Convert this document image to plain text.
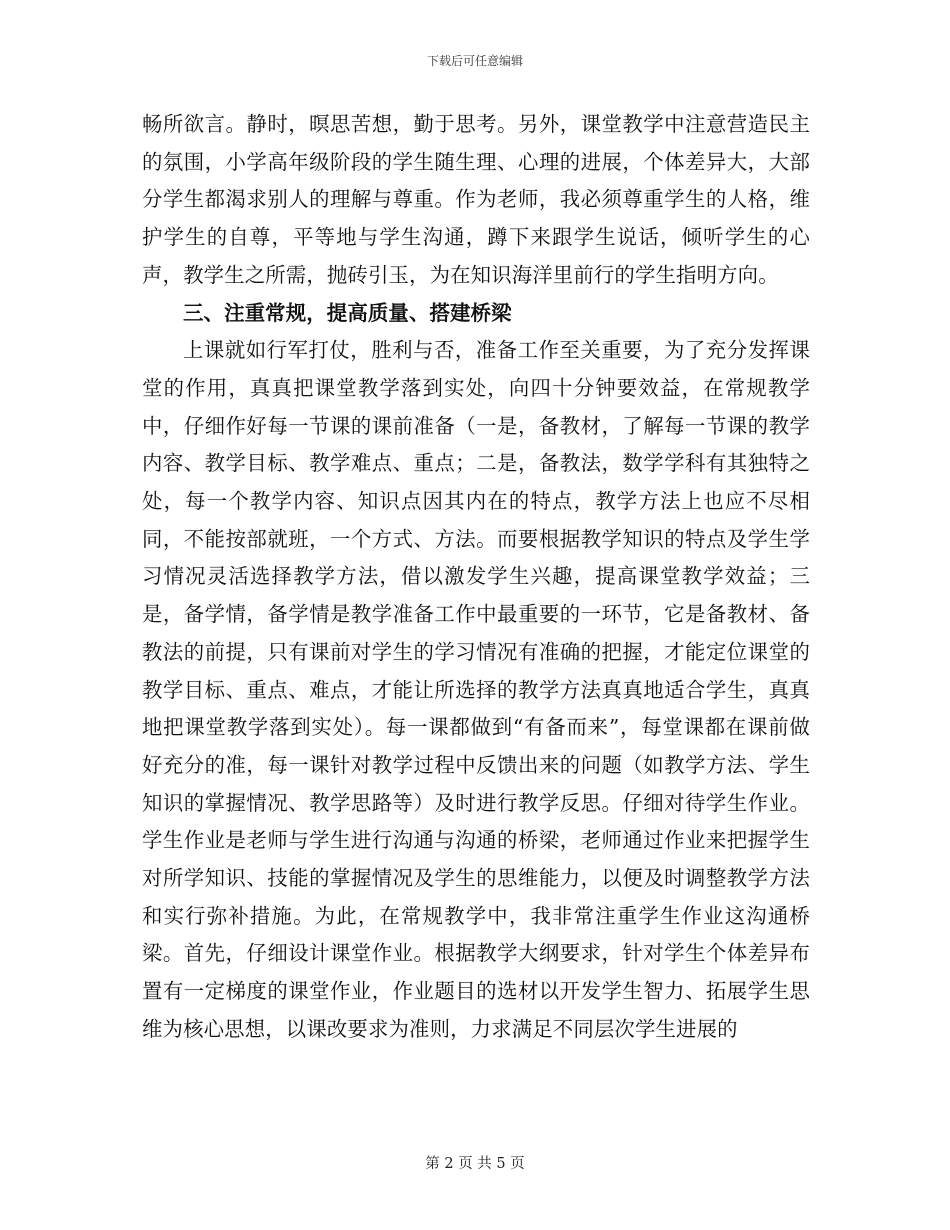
下载后可任意编辑

畅所欲言。静时，暝思苦想，勤于思考。另外，课堂教学中注意营造民主的氛围，小学高年级阶段的学生随生理、心理的进展，个体差异大，大部分学生都渴求别人的理解与尊重。作为老师，我必须尊重学生的人格，维护学生的自尊，平等地与学生沟通，蹲下来跟学生说话，倾听学生的心声，教学生之所需，抛砖引玉，为在知识海洋里前行的学生指明方向。

三、注重常规，提高质量、搭建桥梁

上课就如行军打仗，胜利与否，准备工作至关重要，为了充分发挥课堂的作用，真真把课堂教学落到实处，向四十分钟要效益，在常规教学中，仔细作好每一节课的课前准备（一是，备教材，了解每一节课的教学内容、教学目标、教学难点、重点；二是，备教法，数学学科有其独特之处，每一个教学内容、知识点因其内在的特点，教学方法上也应不尽相同，不能按部就班，一个方式、方法。而要根据教学知识的特点及学生学习情况灵活选择教学方法，借以激发学生兴趣，提高课堂教学效益；三是，备学情，备学情是教学准备工作中最重要的一环节，它是备教材、备教法的前提，只有课前对学生的学习情况有准确的把握，才能定位课堂的教学目标、重点、难点，才能让所选择的教学方法真真地适合学生，真真地把课堂教学落到实处）。每一课都做到“有备而来”，每堂课都在课前做好充分的准，每一课针对教学过程中反馈出来的问题（如教学方法、学生知识的掌握情况、教学思路等）及时进行教学反思。仔细对待学生作业。学生作业是老师与学生进行沟通与沟通的桥梁，老师通过作业来把握学生对所学知识、技能的掌握情况及学生的思维能力，以便及时调整教学方法和实行弥补措施。为此，在常规教学中，我非常注重学生作业这沟通桥梁。首先，仔细设计课堂作业。根据教学大纲要求，针对学生个体差异布置有一定梯度的课堂作业，作业题目的选材以开发学生智力、拓展学生思维为核心思想，以课改要求为准则，力求满足不同层次学生进展的

第 2 页 共 5 页
